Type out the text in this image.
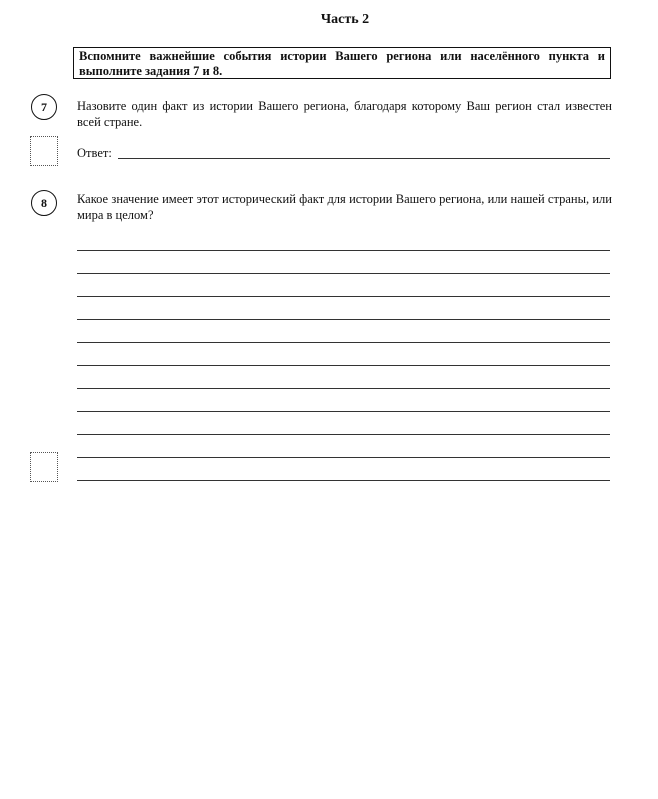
Часть 2
Вспомните важнейшие события истории Вашего региона или населённого пункта и выполните задания 7 и 8.
7	Назовите один факт из истории Вашего региона, благодаря которому Ваш регион стал известен всей стране.
Ответ:
8	Какое значение имеет этот исторический факт для истории Вашего региона, или нашей страны, или мира в целом?
